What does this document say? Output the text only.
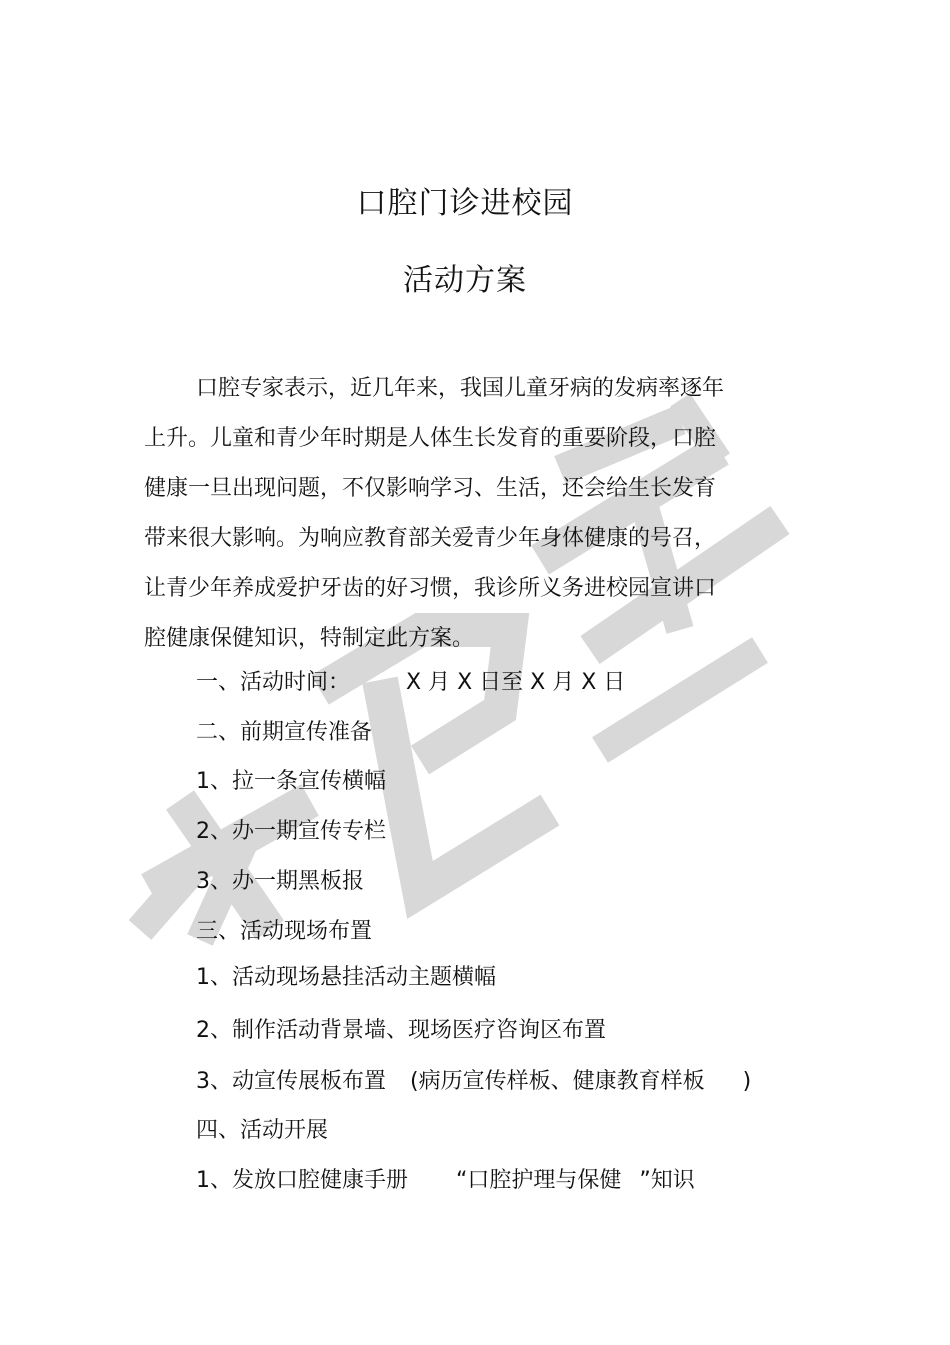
口腔门诊进校园
活动方案
口腔专家表示，近几年来，我国儿童牙病的发病率逐年
上升。儿童和青少年时期是人体生长发育的重要阶段，口腔
健康一旦出现问题，不仅影响学习、生活，还会给生长发育
带来很大影响。为响应教育部关爱青少年身体健康的号召，
让青少年养成爱护牙齿的好习惯，我诊所义务进校园宣讲口
腔健康保健知识，特制定此方案。
一、活动时间：	X 月 X 日至 X 月 X 日
二、前期宣传准备
1、拉一条宣传横幅
2、办一期宣传专栏
3、办一期黑板报
三、活动现场布置
1、活动现场悬挂活动主题横幅
2、制作活动背景墙、现场医疗咨询区布置
3、动宣传展板布置 (病历宣传样板、健康教育样板 )
四、活动开展
1、发放口腔健康手册 “口腔护理与保健 ”知识
